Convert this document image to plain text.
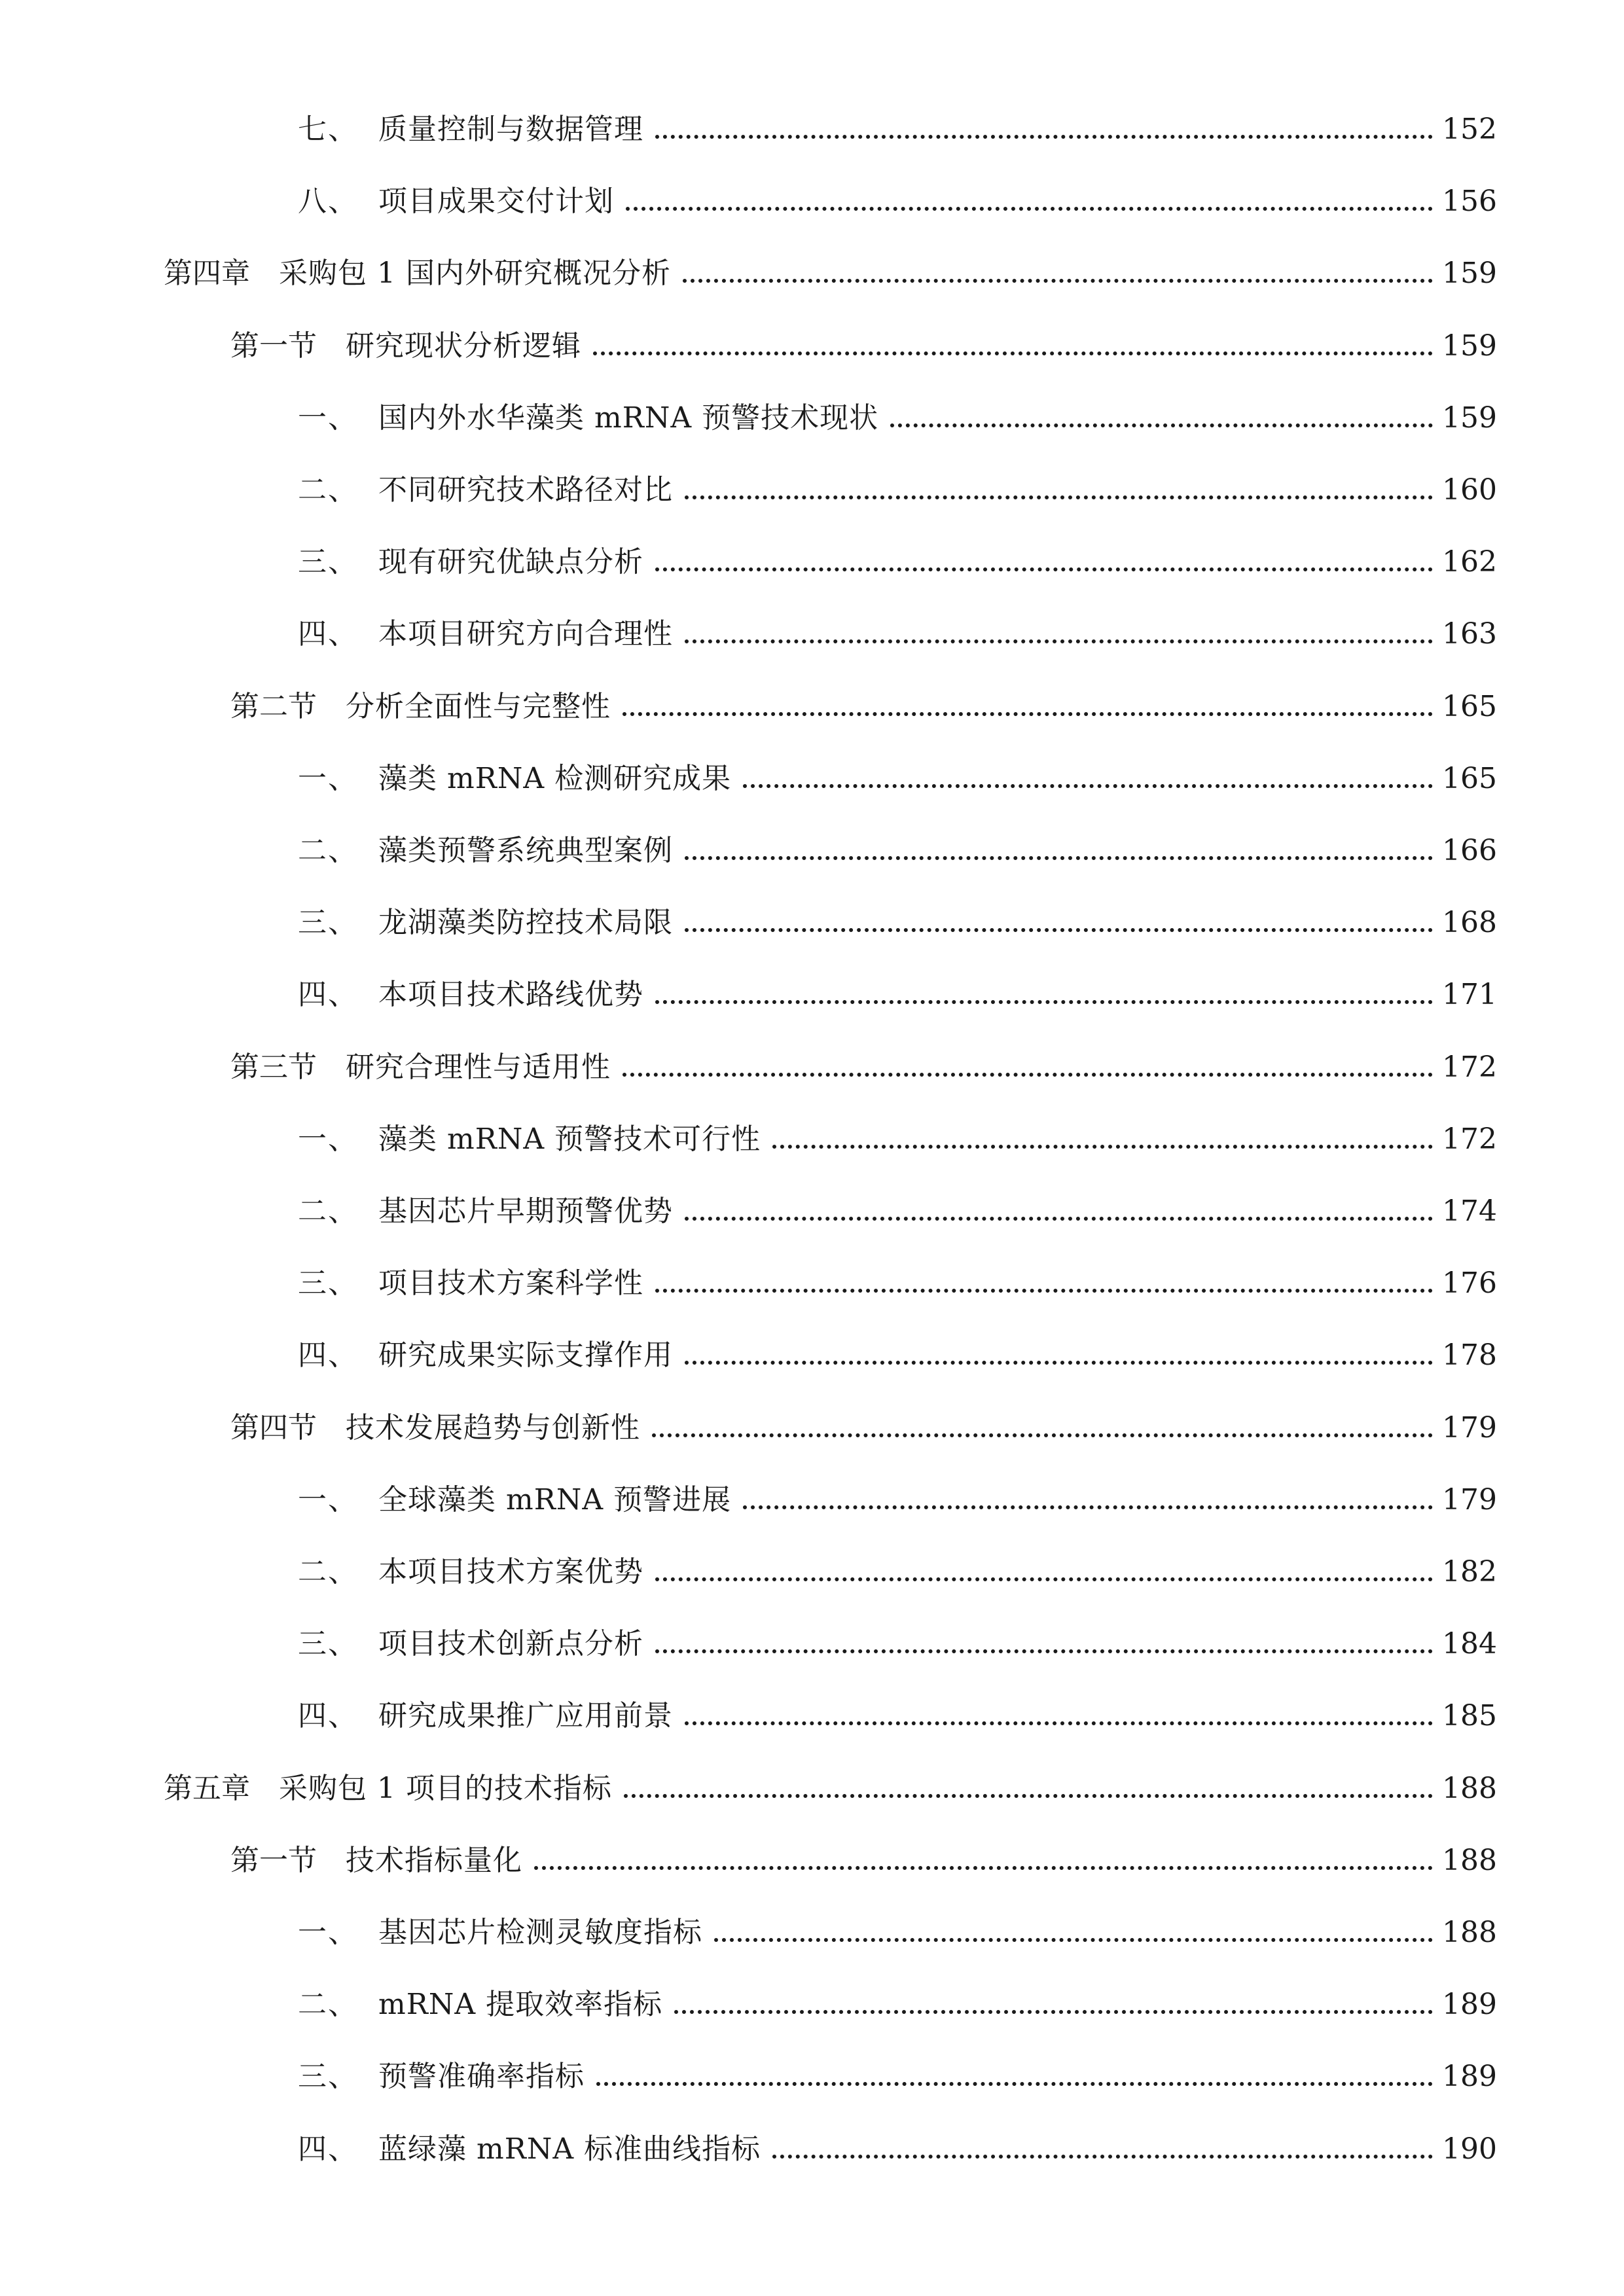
七、 质量控制与数据管理	152
八、 项目成果交付计划	156
第四章	采购包 1 国内外研究概况分析	159
第一节	研究现状分析逻辑	159
一、 国内外水华藻类 mRNA 预警技术现状	159
二、 不同研究技术路径对比	160
三、 现有研究优缺点分析	162
四、 本项目研究方向合理性	163
第二节	分析全面性与完整性	165
一、 藻类 mRNA 检测研究成果	165
二、 藻类预警系统典型案例	166
三、 龙湖藻类防控技术局限	168
四、 本项目技术路线优势	171
第三节	研究合理性与适用性	172
一、 藻类 mRNA 预警技术可行性	172
二、 基因芯片早期预警优势	174
三、 项目技术方案科学性	176
四、 研究成果实际支撑作用	178
第四节	技术发展趋势与创新性	179
一、 全球藻类 mRNA 预警进展	179
二、 本项目技术方案优势	182
三、 项目技术创新点分析	184
四、 研究成果推广应用前景	185
第五章	采购包 1 项目的技术指标	188
第一节	技术指标量化	188
一、 基因芯片检测灵敏度指标	188
二、 mRNA 提取效率指标	189
三、 预警准确率指标	189
四、 蓝绿藻 mRNA 标准曲线指标	190
